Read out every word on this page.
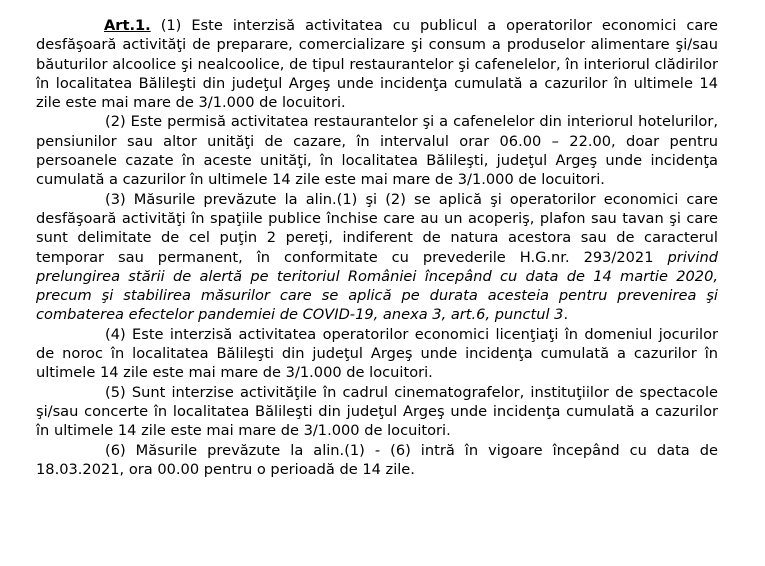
Art.1. (1) Este interzisă activitatea cu publicul a operatorilor economici care desfăşoară activităţi de preparare, comercializare şi consum a produselor alimentare şi/sau băuturilor alcoolice şi nealcoolice, de tipul restaurantelor şi cafenelelor, în interiorul clădirilor în localitatea Bălileşti din judeţul Argeş unde incidenţa cumulată a cazurilor în ultimele 14 zile este mai mare de 3/1.000 de locuitori.

(2) Este permisă activitatea restaurantelor şi a cafenelelor din interiorul hotelurilor, pensiunilor sau altor unităţi de cazare, în intervalul orar 06.00 – 22.00, doar pentru persoanele cazate în aceste unităţi, în localitatea Bălileşti, judeţul Argeş unde incidenţa cumulată a cazurilor în ultimele 14 zile este mai mare de 3/1.000 de locuitori.

(3) Măsurile prevăzute la alin.(1) şi (2) se aplică şi operatorilor economici care desfăşoară activităţi în spaţiile publice închise care au un acoperiş, plafon sau tavan şi care sunt delimitate de cel puţin 2 pereţi, indiferent de natura acestora sau de caracterul temporar sau permanent, în conformitate cu prevederile H.G.nr. 293/2021 privind prelungirea stării de alertă pe teritoriul României începând cu data de 14 martie 2020, precum şi stabilirea măsurilor care se aplică pe durata acesteia pentru prevenirea şi combaterea efectelor pandemiei de COVID-19, anexa 3, art.6, punctul 3.

(4) Este interzisă activitatea operatorilor economici licenţiaţi în domeniul jocurilor de noroc în localitatea Bălileşti din judeţul Argeş unde incidenţa cumulată a cazurilor în ultimele 14 zile este mai mare de 3/1.000 de locuitori.

(5) Sunt interzise activităţile în cadrul cinematografelor, instituţiilor de spectacole şi/sau concerte în localitatea Bălileşti din judeţul Argeş unde incidenţa cumulată a cazurilor în ultimele 14 zile este mai mare de 3/1.000 de locuitori.

(6) Măsurile prevăzute la alin.(1) - (6) intră în vigoare începând cu data de 18.03.2021, ora 00.00 pentru o perioadă de 14 zile.
